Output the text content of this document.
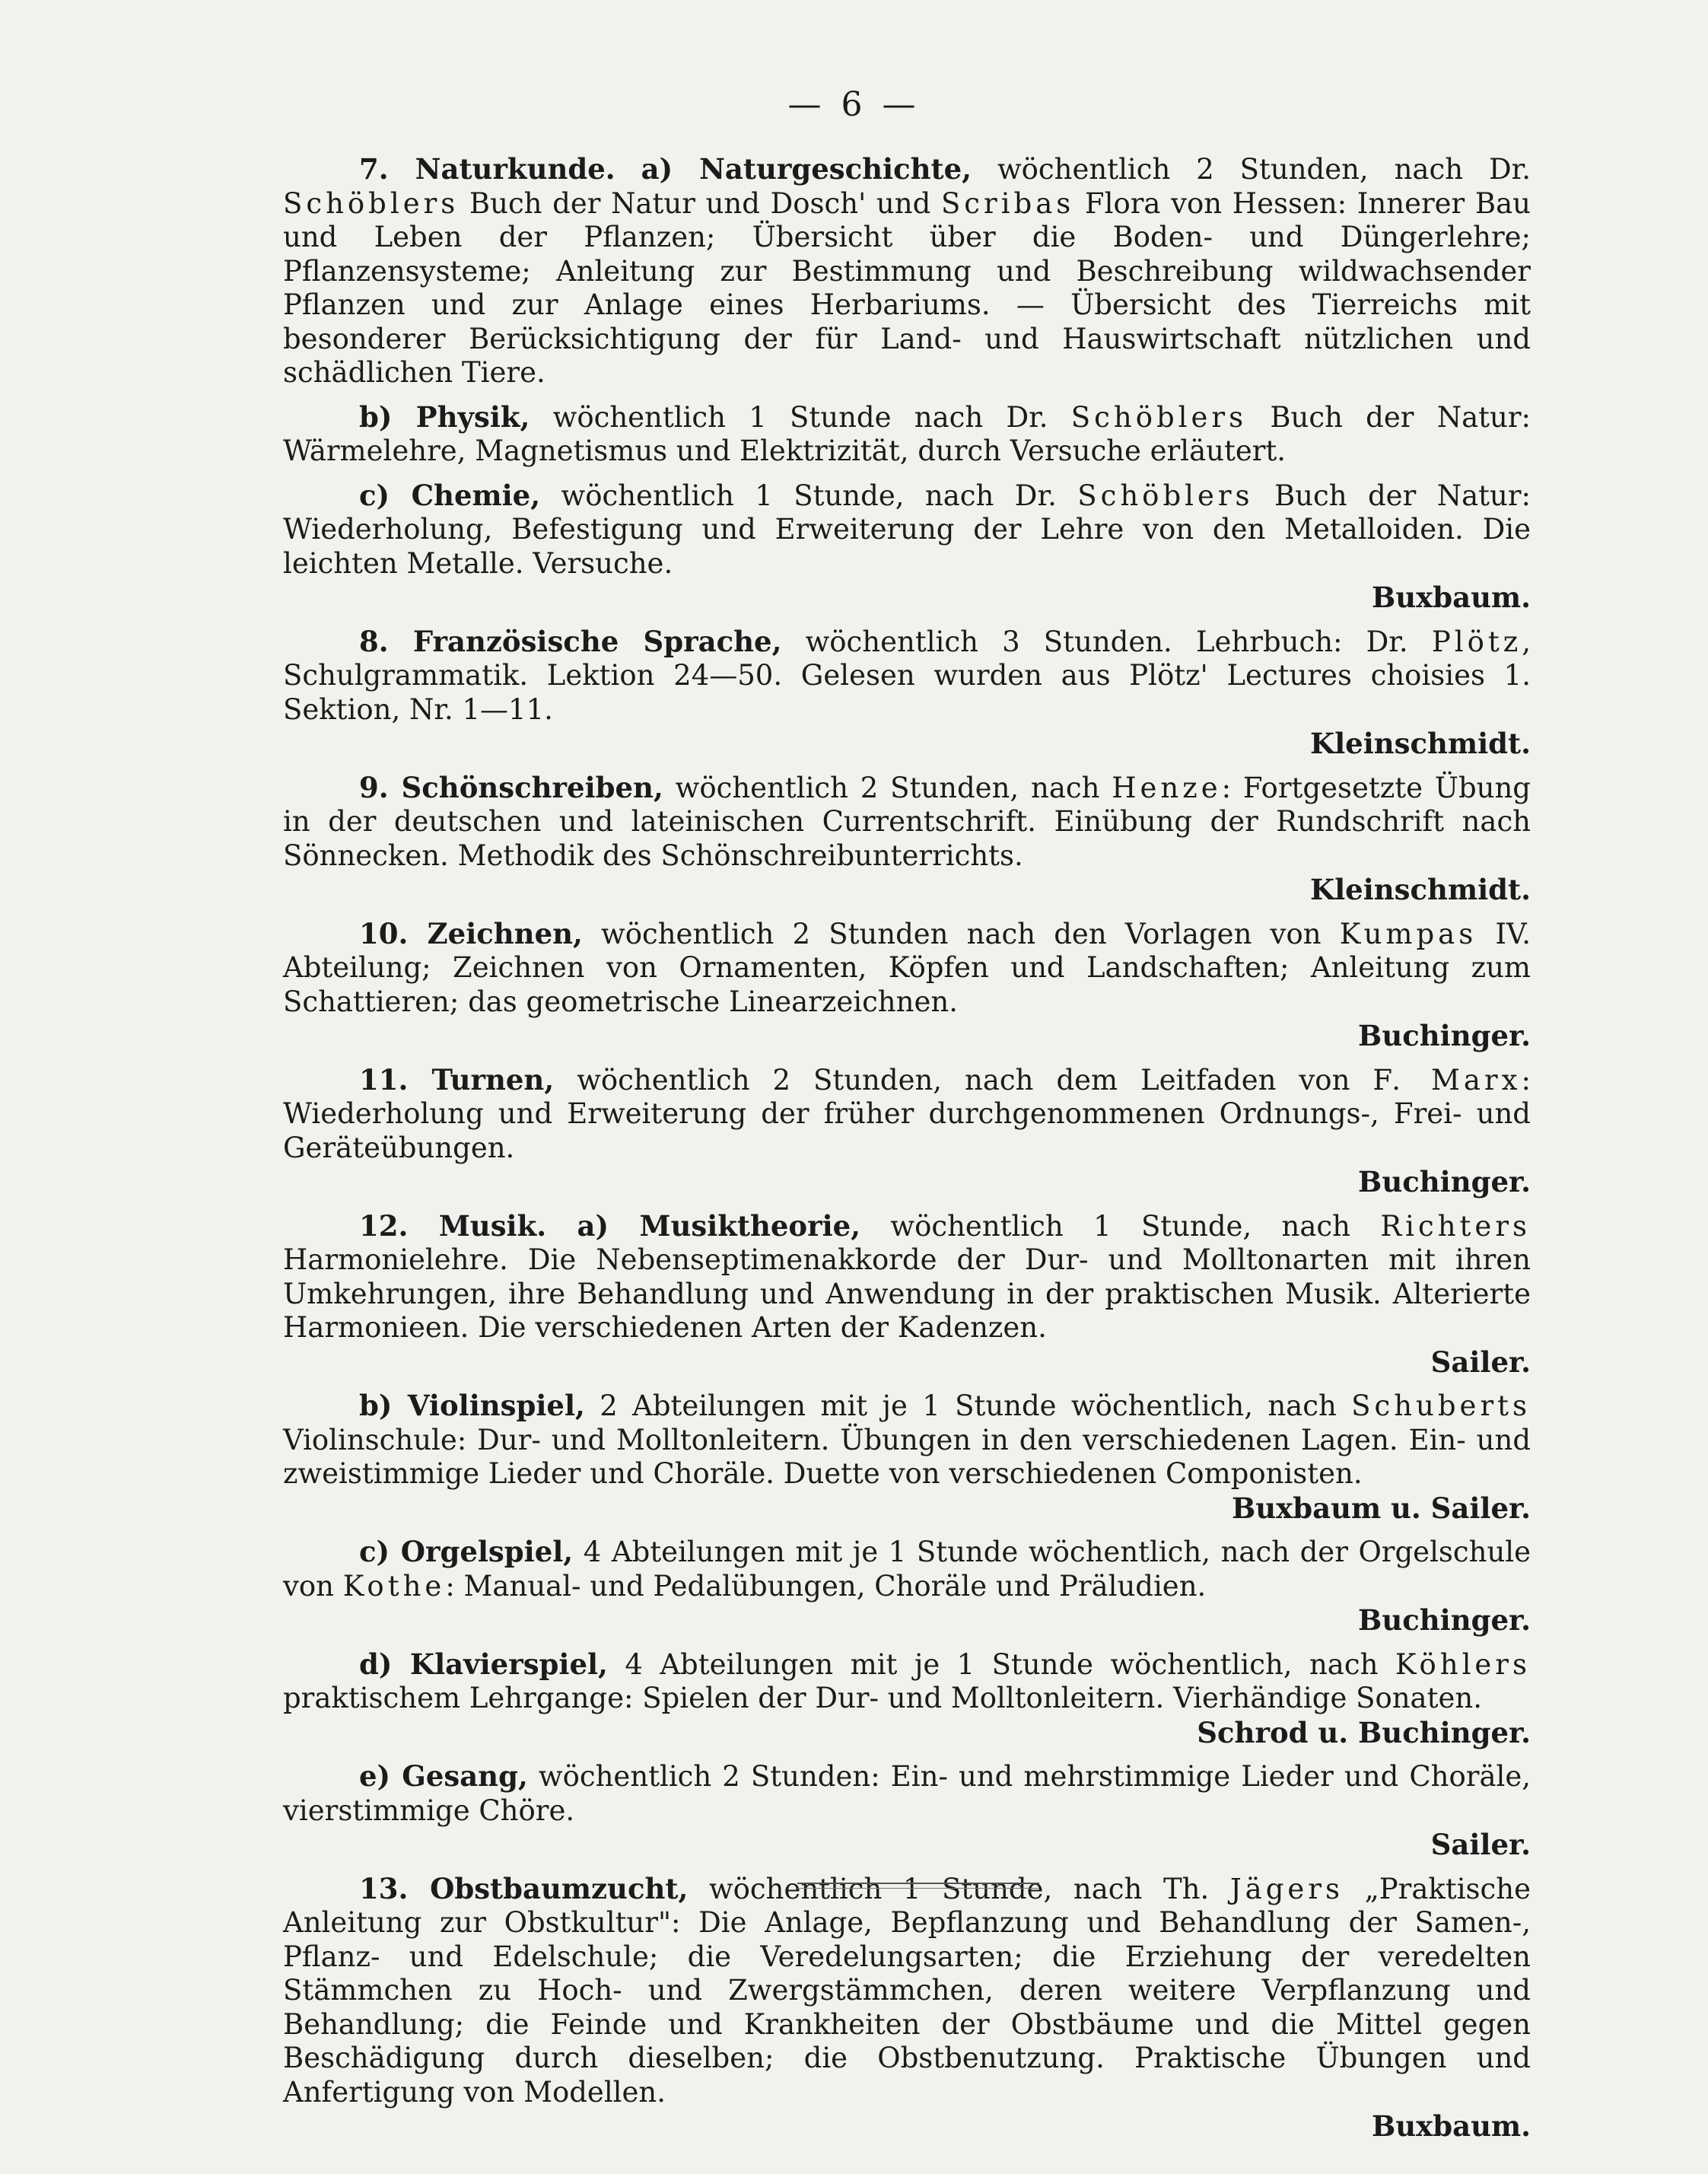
— 6 —

7. Naturkunde. a) Naturgeschichte, wöchentlich 2 Stunden, nach Dr. Schöblers Buch der Natur und Dosch' und Scribas Flora von Hessen: Innerer Bau und Leben der Pflanzen; Übersicht über die Boden- und Düngerlehre; Pflanzensysteme; Anleitung zur Bestimmung und Beschreibung wildwachsender Pflanzen und zur Anlage eines Herbariums. — Übersicht des Tierreichs mit besonderer Berücksichtigung der für Land- und Hauswirtschaft nützlichen und schädlichen Tiere.

b) Physik, wöchentlich 1 Stunde nach Dr. Schöblers Buch der Natur: Wärmelehre, Magnetismus und Elektrizität, durch Versuche erläutert.

c) Chemie, wöchentlich 1 Stunde, nach Dr. Schöblers Buch der Natur: Wiederholung, Befestigung und Erweiterung der Lehre von den Metalloiden. Die leichten Metalle. Versuche.
Buxbaum.

8. Französische Sprache, wöchentlich 3 Stunden. Lehrbuch: Dr. Plötz, Schulgrammatik. Lektion 24—50. Gelesen wurden aus Plötz' Lectures choisies 1. Sektion, Nr. 1—11.
Kleinschmidt.

9. Schönschreiben, wöchentlich 2 Stunden, nach Henze: Fortgesetzte Übung in der deutschen und lateinischen Currentschrift. Einübung der Rundschrift nach Sönnecken. Methodik des Schönschreibunterrichts.
Kleinschmidt.

10. Zeichnen, wöchentlich 2 Stunden nach den Vorlagen von Kumpas IV. Abteilung; Zeichnen von Ornamenten, Köpfen und Landschaften; Anleitung zum Schattieren; das geometrische Linearzeichnen.
Buchinger.

11. Turnen, wöchentlich 2 Stunden, nach dem Leitfaden von F. Marx: Wiederholung und Erweiterung der früher durchgenommenen Ordnungs-, Frei- und Geräteübungen.
Buchinger.

12. Musik. a) Musiktheorie, wöchentlich 1 Stunde, nach Richters Harmonielehre. Die Nebenseptimenakkorde der Dur- und Molltonarten mit ihren Umkehrungen, ihre Behandlung und Anwendung in der praktischen Musik. Alterierte Harmonieen. Die verschiedenen Arten der Kadenzen.
Sailer.

b) Violinspiel, 2 Abteilungen mit je 1 Stunde wöchentlich, nach Schuberts Violinschule: Dur- und Molltonleitern. Übungen in den verschiedenen Lagen. Ein- und zweistimmige Lieder und Choräle. Duette von verschiedenen Componisten.
Buxbaum u. Sailer.

c) Orgelspiel, 4 Abteilungen mit je 1 Stunde wöchentlich, nach der Orgelschule von Kothe: Manual- und Pedalübungen, Choräle und Präludien.
Buchinger.

d) Klavierspiel, 4 Abteilungen mit je 1 Stunde wöchentlich, nach Köhlers praktischem Lehrgange: Spielen der Dur- und Molltonleitern. Vierhändige Sonaten.
Schrod u. Buchinger.

e) Gesang, wöchentlich 2 Stunden: Ein- und mehrstimmige Lieder und Choräle, vierstimmige Chöre.
Sailer.

13. Obstbaumzucht, wöchentlich 1 Stunde, nach Th. Jägers „Praktische Anleitung zur Obstkultur": Die Anlage, Bepflanzung und Behandlung der Samen-, Pflanz- und Edelschule; die Veredelungsarten; die Erziehung der veredelten Stämmchen zu Hoch- und Zwergstämmchen, deren weitere Verpflanzung und Behandlung; die Feinde und Krankheiten der Obstbäume und die Mittel gegen Beschädigung durch dieselben; die Obstbenutzung. Praktische Übungen und Anfertigung von Modellen.
Buxbaum.
